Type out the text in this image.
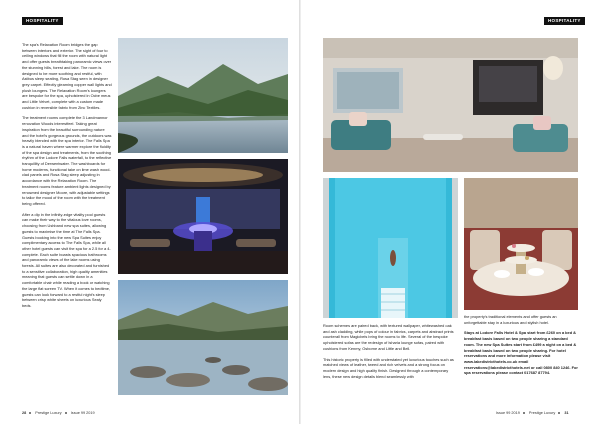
HOSPITALITY

The spa's Relaxation Room bridges the gap between interiors and exterior. The sight of four to ceiling windows that fill the room with natural light and offer guests breathtaking panoramic views over the stunning hills, forest and lake. The room is designed to be more soothing and restful, with Astbus sleep seating, Rosa Stag seen in designer grey carpet. Effectly gleaming copper wall lights and plush loungers. The Relaxation Room's loungers are bespoke for the spa, upholstered in Ocbe meus and Little Velvet, complete with a custom made cushion in reversible fabric from Zinc Textiles.

The treatment rooms complete the 3 Landmannor renovation Woods interestfeel. Taking great inspiration from the beautiful surrounding nature and the hotel's gorgeous grounds, the outdoors was heavily blended with the spa interior. The Falls Spa is a natural haven where warmer explore the fluidity of the spa design and treatments, from the soothing rhythm of the Lodore Falls waterfall, to the reflective tranquillity of Derwentwater. The washboards for home moderns, functional take on lime wash wood-clad panels and Rosa Stag sleep adjusting in accordance with the Relaxation Room. The treatment rooms feature ambient lights designed by renowned designer Moore, with adjustable settings to tailor the mood of the room with the treatment being offered.

After a dip in the infinity-edge vitality pool guests can make their way to the vitalous love rooms, choosing from Ushband new spa suites, allowing guests to maximise the time at The Falls Spa. Guests booking into the new Spa Suites enjoy complimentary access to The Falls Spa, while all other hotel guests can visit the spa for a 2.5 for a 4-complete. Each suite boasts spacious bathrooms and panoramic views of the lake rooms using forests. All suites are also decorated and furnished to a sensitive collaboration, high quality amenities meaning that guests can settle down in a comfortable chair while reading a book or watching the large flat screen TV. When it comes to bedtime, guests can look forward to a restful night's sleep between crisp white sheets on luxurious Sealy beds.

28 Prestige Luxury Issue 99 2019
HOSPITALITY

Room schemes are paired back, with textured wallpaper, whitewashed oak and ash cladding, while pops of colour in fabrics, carpets and abstract prints counterall from Magicbels bring the rooms to life. Several of the bespoke upholstered sofas are the redesign of Isharia lounge sofas, paired with cushions from Kenmy, Osborne and Little and Bell.

This historic property is filled with understated yet luxurious touches such as matched views of leather, tweed and rich velvets and a strong focus on modern design and high quality finish. Designed through a contemporary lens, these new design details blend seamlessly with

the property's traditional elements and offer guests an unforgettable stay in a luxurious and stylish hotel.

Stays at Lodore Falls Hotel & Spa start from £260 on a bed & breakfast basis based on two people sharing a standard room. The new Spa Suites start from £499 a night on a bed & breakfast basis based on two people sharing. For hotel reservations and more information please visit www.lakedistricthotels.co.uk email reservations@lakedistricthotels.net or call 0800 840 1246. For spa reservations please contact 017687 87794.

Issue 99 2019 Prestige Luxury 31
